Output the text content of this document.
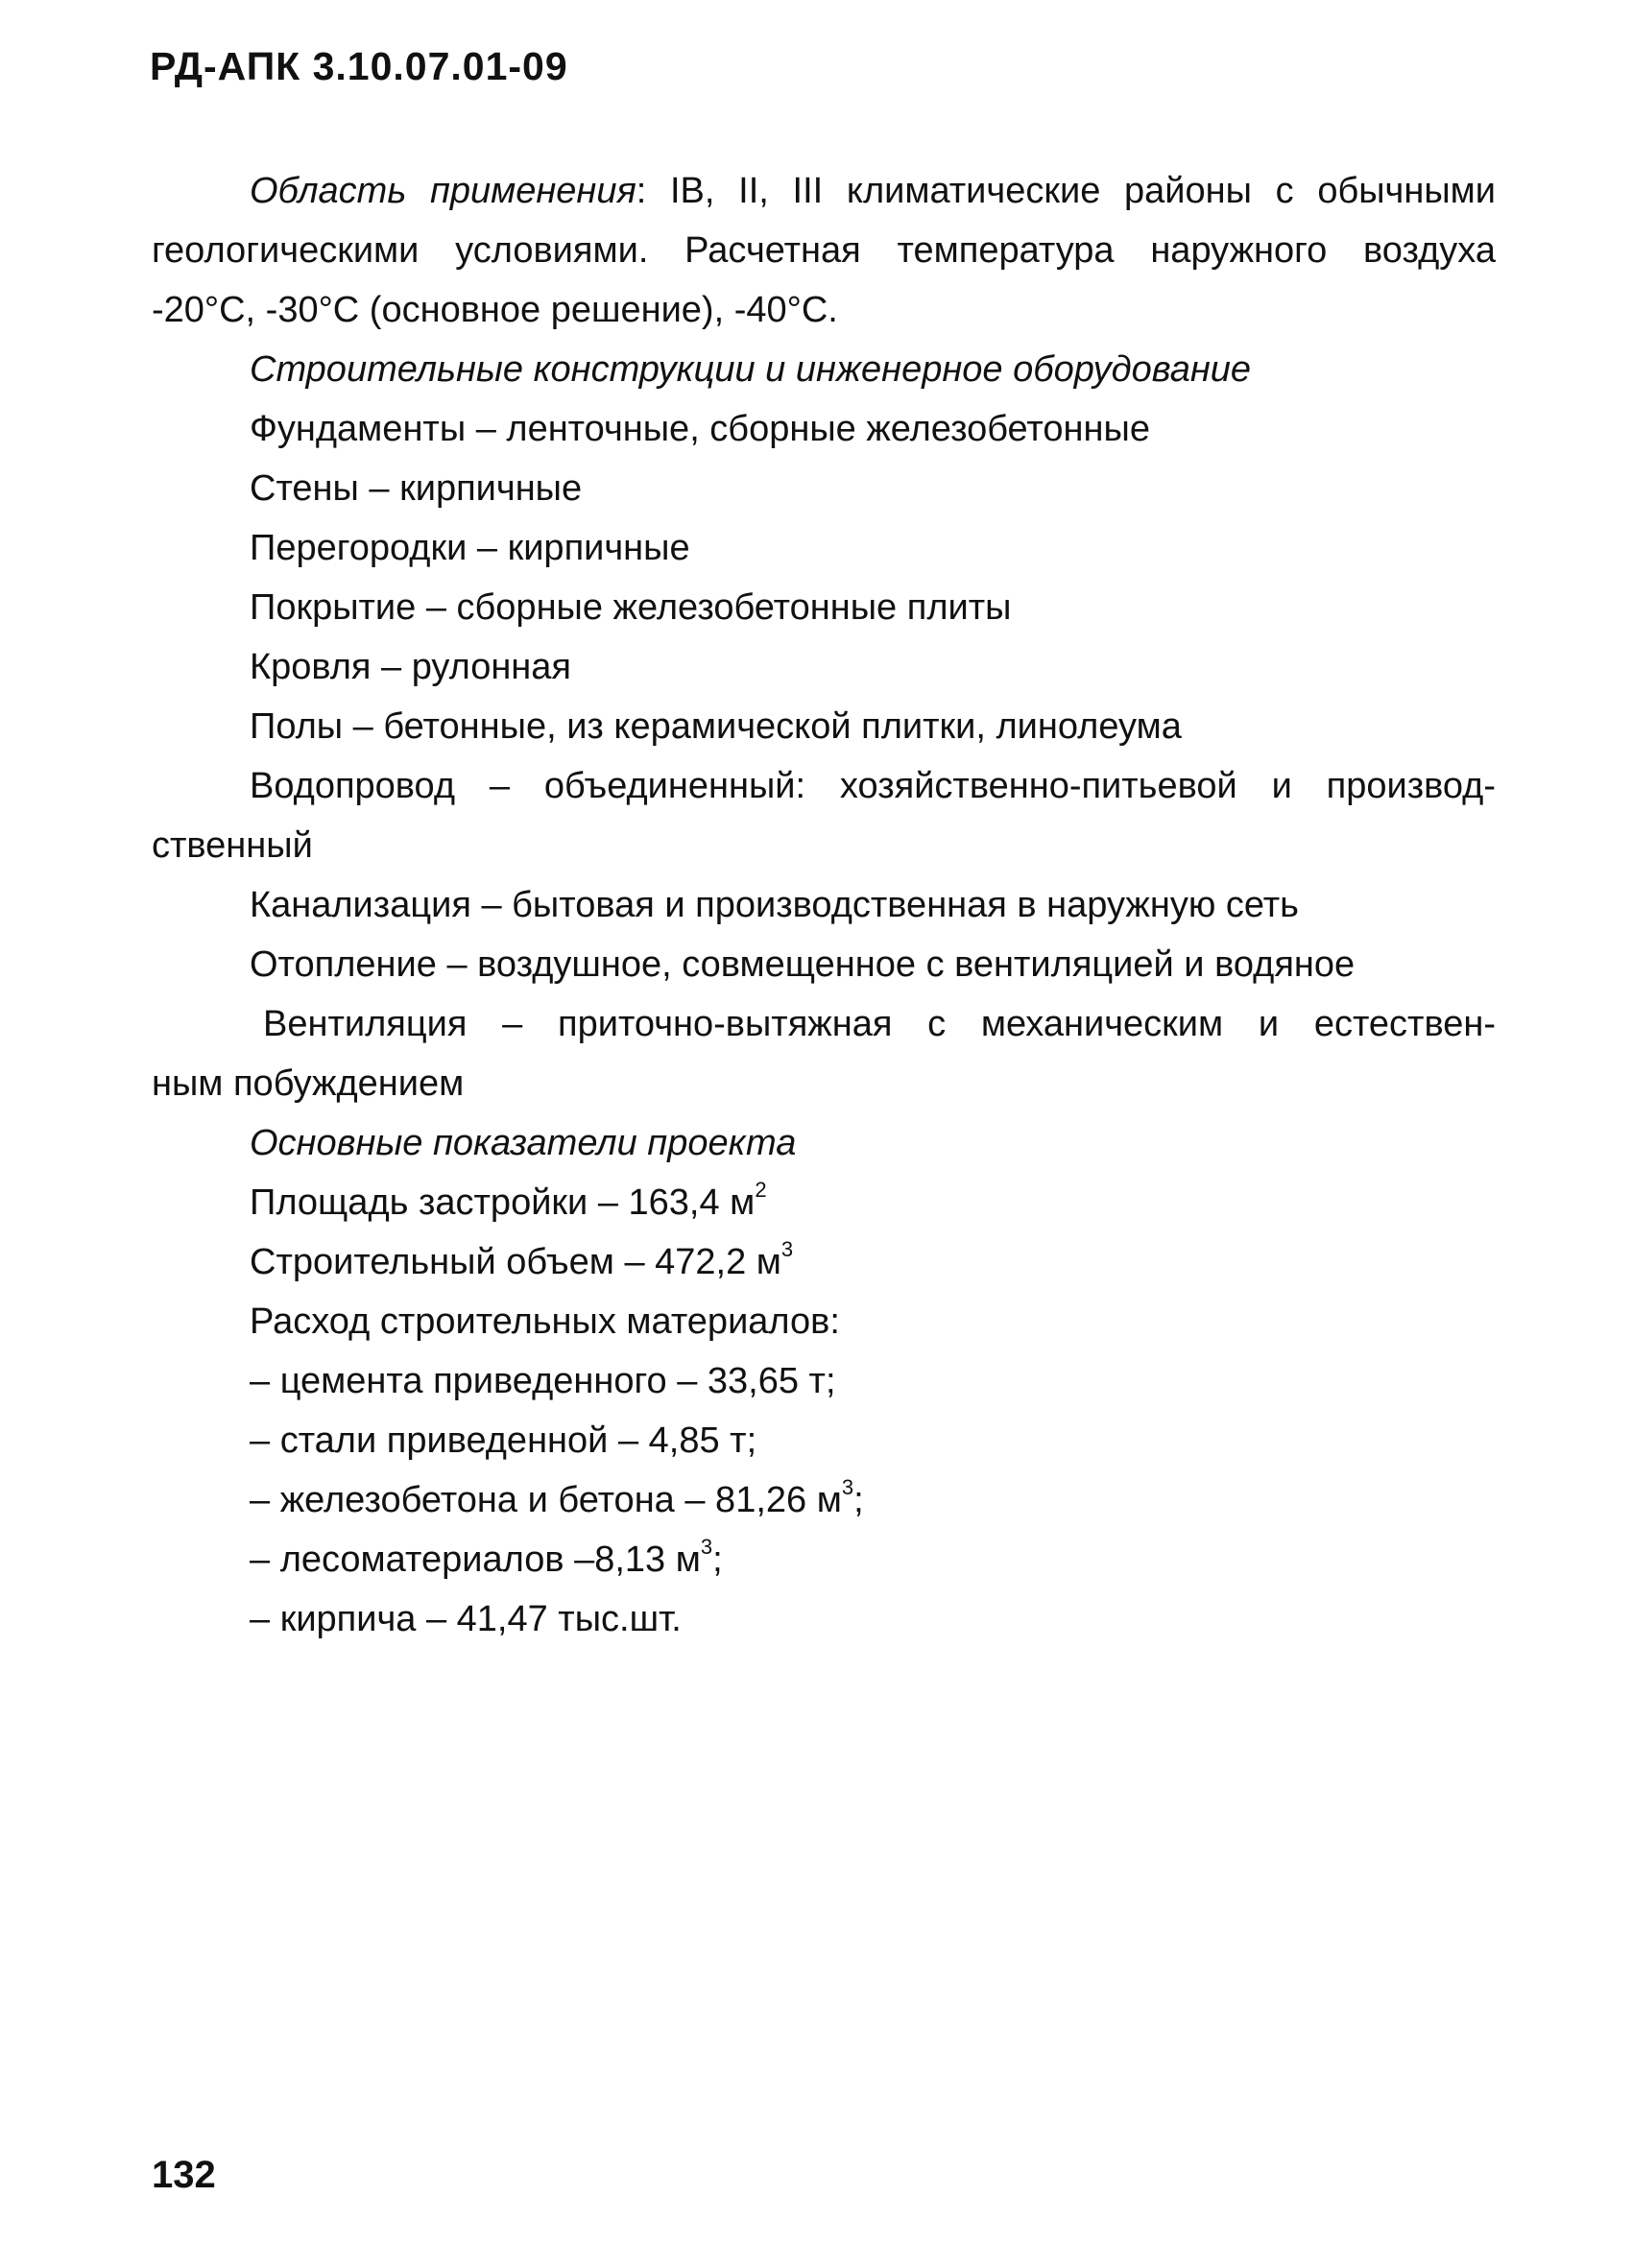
РД-АПК 3.10.07.01-09
Область применения: IB, II, III климатические районы с обычными
геологическими условиями. Расчетная температура наружного воздуха
-20°С, -30°С (основное решение), -40°С.
Строительные конструкции и инженерное оборудование
Фундаменты – ленточные, сборные железобетонные
Стены – кирпичные
Перегородки – кирпичные
Покрытие – сборные железобетонные плиты
Кровля – рулонная
Полы – бетонные, из керамической плитки, линолеума
Водопровод – объединенный: хозяйственно-питьевой и производ-
ственный
Канализация – бытовая и производственная в наружную сеть
Отопление – воздушное, совмещенное с вентиляцией и водяное
Вентиляция – приточно-вытяжная с механическим и естествен-
ным побуждением
Основные показатели проекта
Площадь застройки – 163,4 $м^2$
Строительный объем – 472,2 $м^3$
Расход строительных материалов:
– цемента приведенного – 33,65 т;
– стали приведенной – 4,85 т;
– железобетона и бетона – 81,26 $м^3$;
– лесоматериалов –8,13 $м^3$;
– кирпича – 41,47 тыс.шт.
132
